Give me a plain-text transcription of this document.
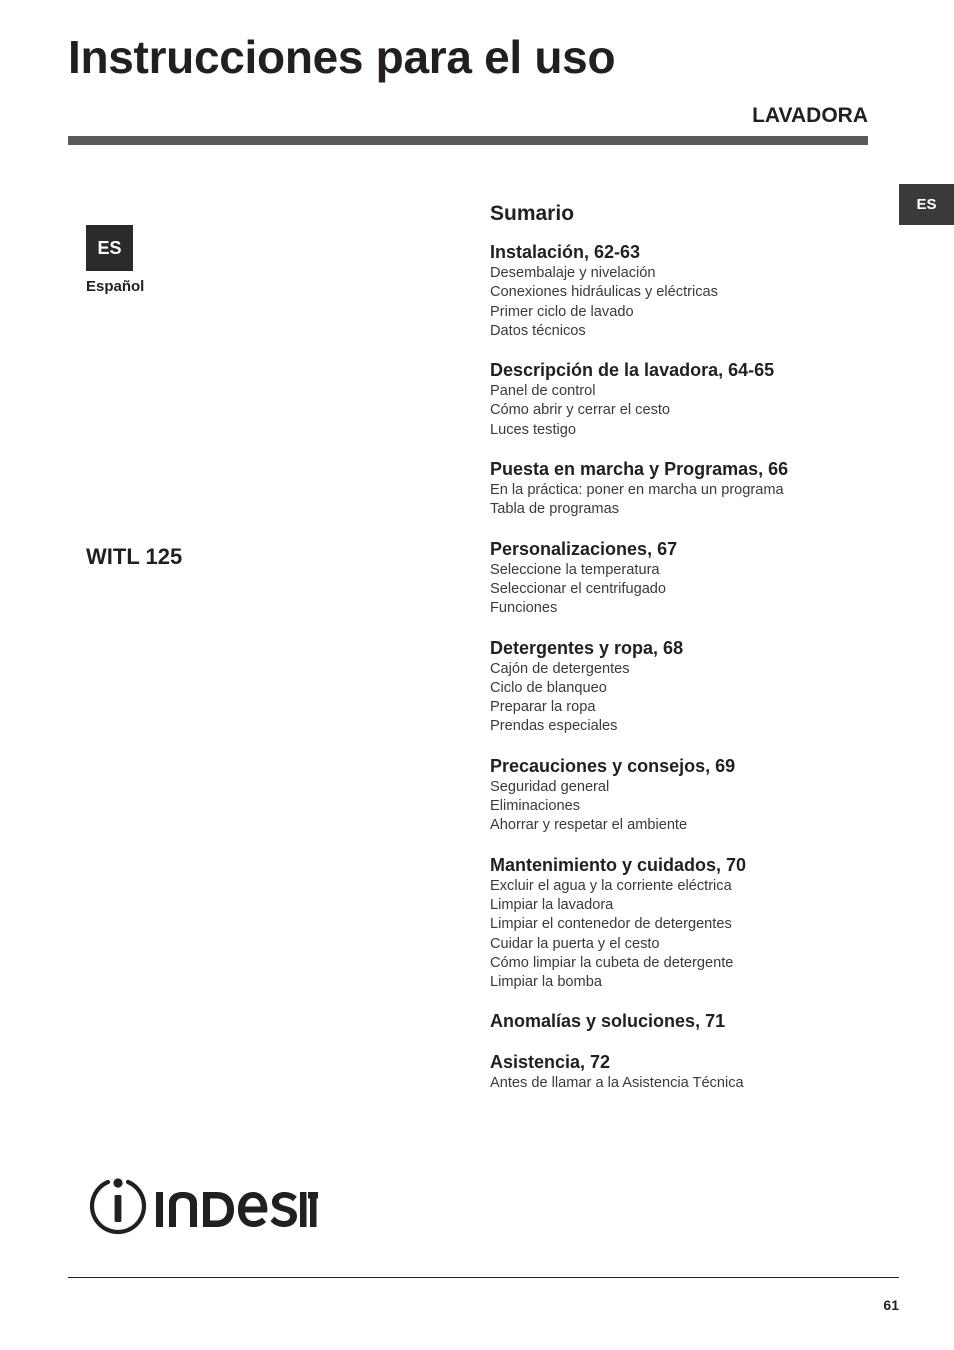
Instrucciones para el uso
LAVADORA
ES
ES
Español
WITL 125
Sumario
Instalación, 62-63
Desembalaje y nivelación
Conexiones hidráulicas y eléctricas
Primer ciclo de lavado
Datos técnicos
Descripción de la lavadora, 64-65
Panel de control
Cómo abrir y cerrar el cesto
Luces testigo
Puesta en marcha y Programas, 66
En la práctica: poner en marcha un programa
Tabla de programas
Personalizaciones, 67
Seleccione la temperatura
Seleccionar el centrifugado
Funciones
Detergentes y ropa, 68
Cajón de detergentes
Ciclo de blanqueo
Preparar la ropa
Prendas especiales
Precauciones y consejos, 69
Seguridad general
Eliminaciones
Ahorrar y respetar el ambiente
Mantenimiento y cuidados, 70
Excluir el agua y la corriente eléctrica
Limpiar la lavadora
Limpiar el contenedor de detergentes
Cuidar la puerta y el cesto
Cómo limpiar la cubeta de detergente
Limpiar la bomba
Anomalías y soluciones, 71
Asistencia, 72
Antes de llamar a la Asistencia Técnica
61
